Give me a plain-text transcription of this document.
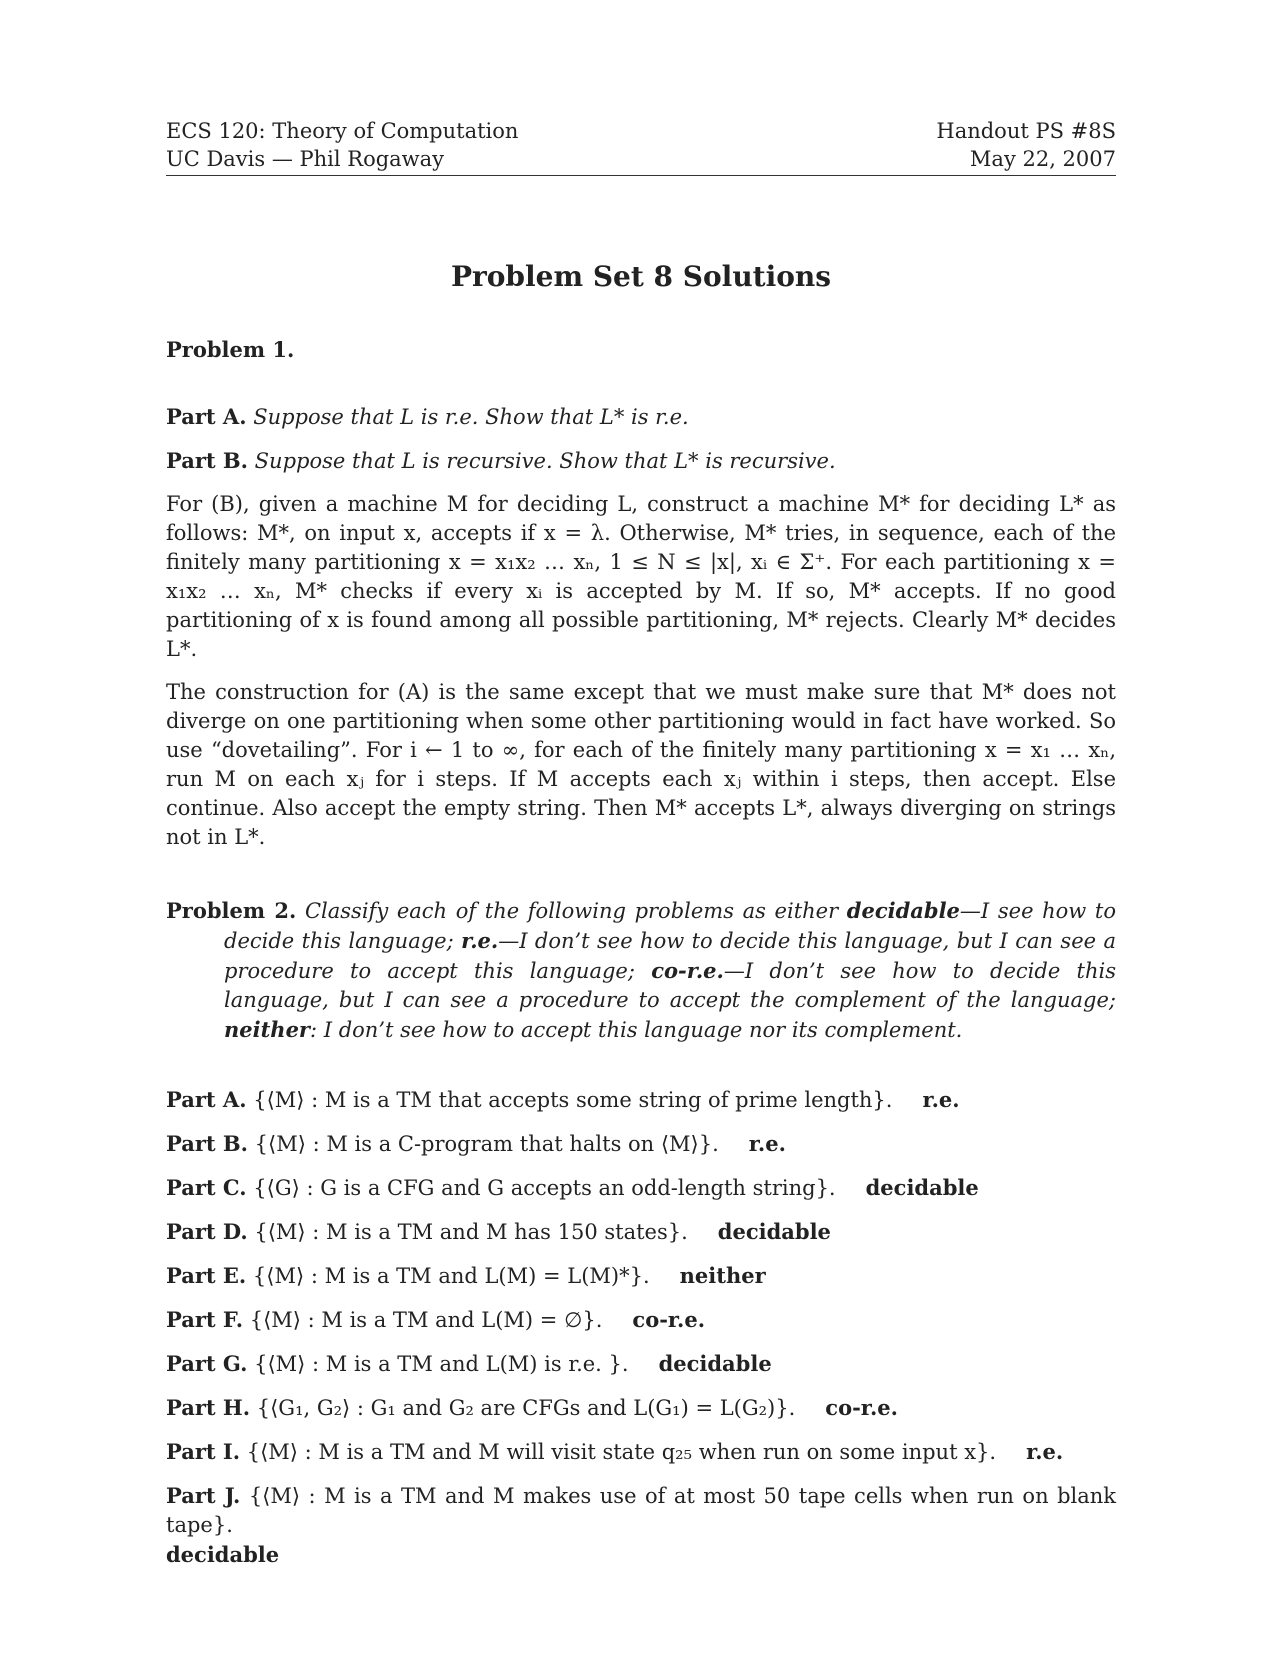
ECS 120: Theory of Computation
UC Davis — Phil Rogaway
Handout PS #8S
May 22, 2007
Problem Set 8 Solutions
Problem 1.

Part A. Suppose that L is r.e. Show that L* is r.e.

Part B. Suppose that L is recursive. Show that L* is recursive.

For (B), given a machine M for deciding L, construct a machine M* for deciding L* as follows: M*, on input x, accepts if x = λ. Otherwise, M* tries, in sequence, each of the finitely many partitioning x = x₁x₂ … xₙ, 1 ≤ N ≤ |x|, xᵢ ∈ Σ⁺. For each partitioning x = x₁x₂ … xₙ, M* checks if every xᵢ is accepted by M. If so, M* accepts. If no good partitioning of x is found among all possible partitioning, M* rejects. Clearly M* decides L*.

The construction for (A) is the same except that we must make sure that M* does not diverge on one partitioning when some other partitioning would in fact have worked. So use “dovetailing”. For i ← 1 to ∞, for each of the finitely many partitioning x = x₁ … xₙ, run M on each xⱼ for i steps. If M accepts each xⱼ within i steps, then accept. Else continue. Also accept the empty string. Then M* accepts L*, always diverging on strings not in L*.

Problem 2. Classify each of the following problems as either decidable—I see how to decide this language; r.e.—I don’t see how to decide this language, but I can see a procedure to accept this language; co-r.e.—I don’t see how to decide this language, but I can see a procedure to accept the complement of the language; neither: I don’t see how to accept this language nor its complement.

Part A. {⟨M⟩ : M is a TM that accepts some string of prime length}. r.e.

Part B. {⟨M⟩ : M is a C-program that halts on ⟨M⟩}. r.e.

Part C. {⟨G⟩ : G is a CFG and G accepts an odd-length string}. decidable

Part D. {⟨M⟩ : M is a TM and M has 150 states}. decidable

Part E. {⟨M⟩ : M is a TM and L(M) = L(M)*}. neither

Part F. {⟨M⟩ : M is a TM and L(M) = ∅}. co-r.e.

Part G. {⟨M⟩ : M is a TM and L(M) is r.e. }. decidable

Part H. {⟨G₁, G₂⟩ : G₁ and G₂ are CFGs and L(G₁) = L(G₂)}. co-r.e.

Part I. {⟨M⟩ : M is a TM and M will visit state q₂₅ when run on some input x}. r.e.

Part J. {⟨M⟩ : M is a TM and M makes use of at most 50 tape cells when run on blank tape}.
decidable
